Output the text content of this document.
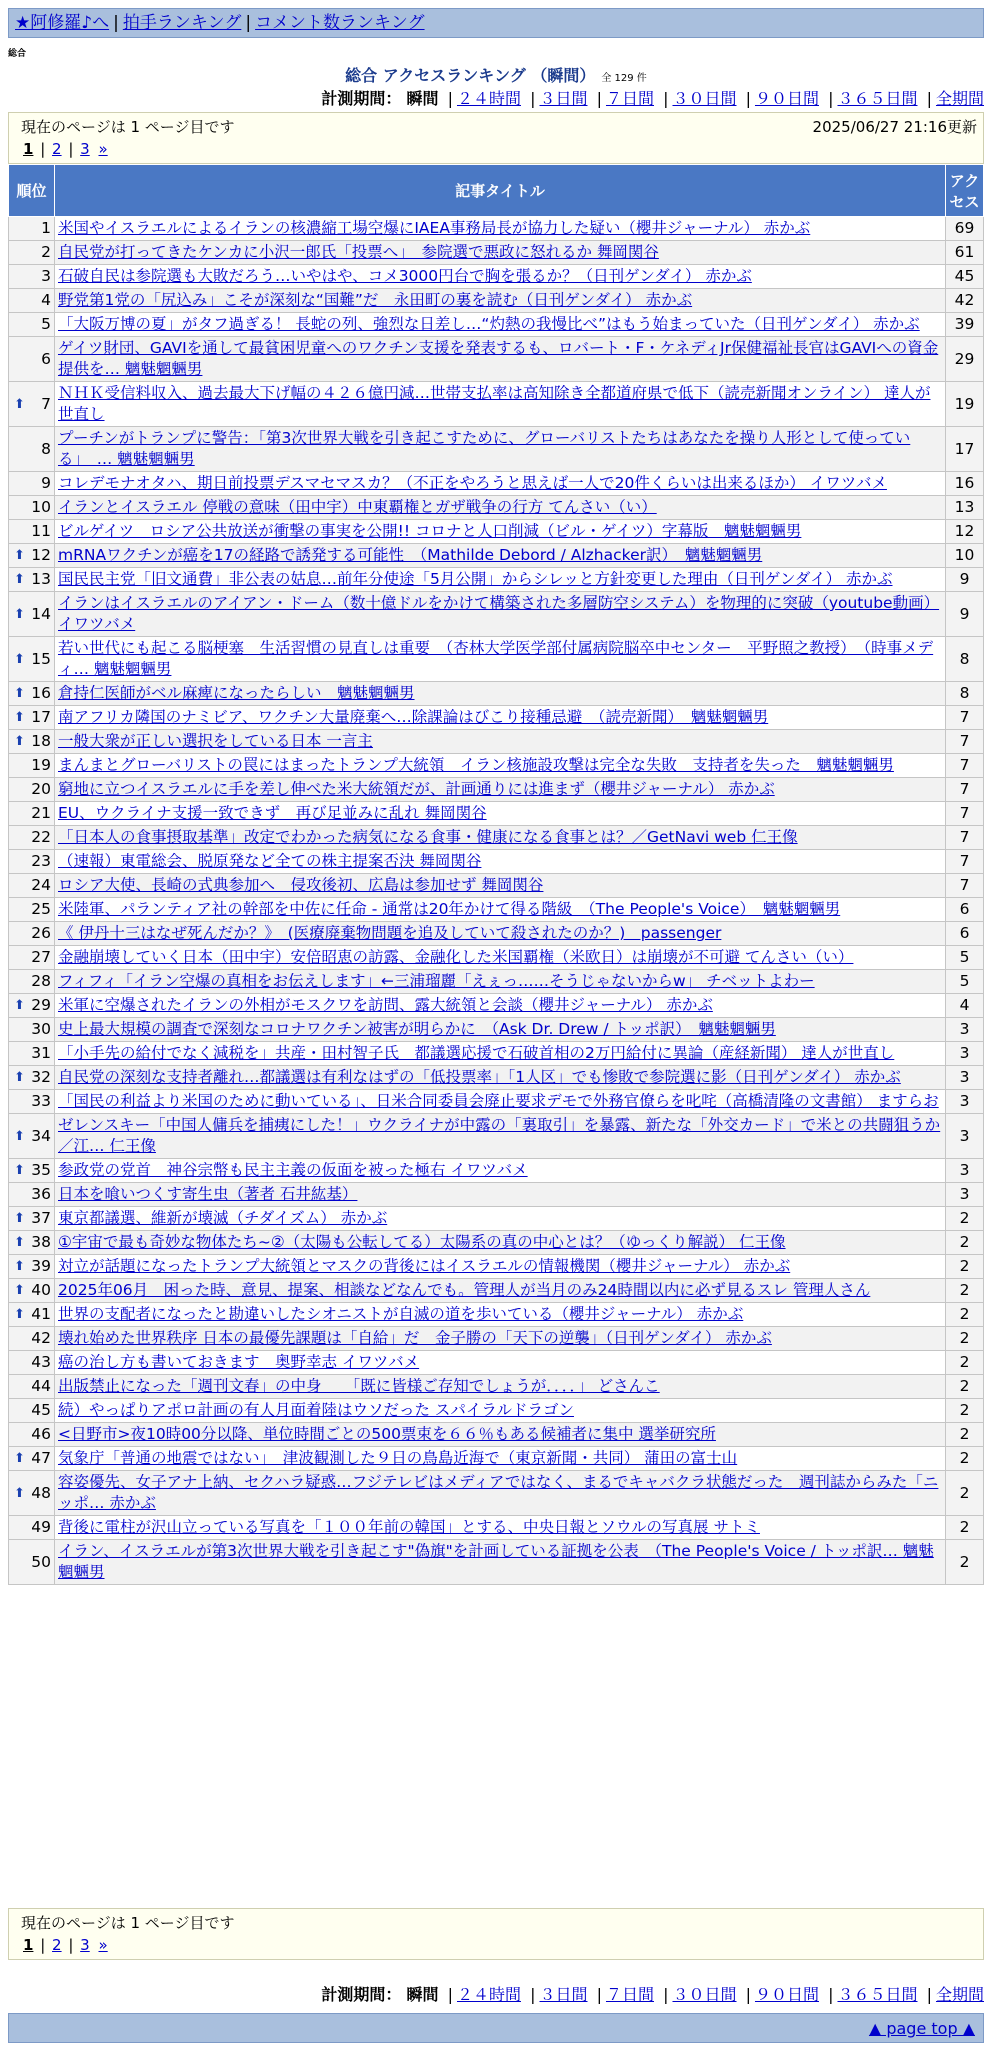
★阿修羅♪へ | 拍手ランキング | コメント数ランキング
総合
総合 アクセスランキング （瞬間） 全 129 件
計測期間： 瞬間 | ２４時間 | ３日間 | ７日間 | ３０日間 | ９０日間 | ３６５日間 | 全期間
現在のページは 1 ページ目です	2025/06/27 21:16更新
1 | 2 | 3 »
順位	記事タイトル	アクセス
1	米国やイスラエルによるイランの核濃縮工場空爆にIAEA事務局長が協力した疑い（櫻井ジャーナル） 赤かぶ	69
2	自民党が打ってきたケンカに小沢一郎氏「投票へ」　参院選で悪政に怒れるか 舞岡関谷	61
3	石破自民は参院選も大敗だろう…いやはや、コメ3000円台で胸を張るか？（日刊ゲンダイ） 赤かぶ	45
4	野党第1党の「尻込み」こそが深刻な“国難”だ　永田町の裏を読む（日刊ゲンダイ） 赤かぶ	42
5	「大阪万博の夏」がタフ過ぎる！ 長蛇の列、強烈な日差し…“灼熱の我慢比べ”はもう始まっていた（日刊ゲンダイ） 赤かぶ	39
6	ゲイツ財団、GAVIを通して最貧困児童へのワクチン支援を発表するも、ロバート・F・ケネディJr保健福祉長官はGAVIへの資金提供を… 魑魅魍魎男	29

⬆ 7	ＮＨＫ受信料収入、過去最大下げ幅の４２６億円減…世帯支払率は高知除き全都道府県で低下（読売新聞オンライン） 達人が世直し	19
8	プーチンがトランプに警告：「第3次世界大戦を引き起こすために、グローバリストたちはあなたを操り人形として使っている」　… 魑魅魍魎男	17
9	コレデモナオタハ、期日前投票デスマセマスカ？（不正をやろうと思えば一人で20件くらいは出来るほか） イワツバメ	16
10	イランとイスラエル 停戦の意味（田中宇）中東覇権とガザ戦争の行方 てんさい（い）	13
11	ビルゲイツ　ロシア公共放送が衝撃の事実を公開!! コロナと人口削減（ビル・ゲイツ）字幕版　魑魅魍魎男	12

⬆ 12	mRNAワクチンが癌を17の経路で誘発する可能性　（Mathilde Debord / Alzhacker訳）　魑魅魍魎男	10

⬆ 13	国民民主党「旧文通費」非公表の姑息…前年分使途「5月公開」からシレッと方針変更した理由（日刊ゲンダイ） 赤かぶ	9

⬆ 14	イランはイスラエルのアイアン・ドーム（数十億ドルをかけて構築された多層防空システム）を物理的に突破（youtube動画） イワツバメ	9

⬆ 15	若い世代にも起こる脳梗塞　生活習慣の見直しは重要　（杏林大学医学部付属病院脳卒中センター　平野照之教授）　（時事メディ… 魑魅魍魎男	8

⬆ 16	倉持仁医師がベル麻痺になったらしい　魑魅魍魎男	8

⬆ 17	南アフリカ隣国のナミビア、ワクチン大量廃棄へ…除課論はびこり接種忌避　（読売新聞）　魑魅魍魎男	7

⬆ 18	一般大衆が正しい選択をしている日本 一言主	7
19	まんまとグローバリストの罠にはまったトランプ大統領　イラン核施設攻撃は完全な失敗　支持者を失った　魑魅魍魎男	7
20	窮地に立つイスラエルに手を差し伸べた米大統領だが、計画通りには進まず（櫻井ジャーナル） 赤かぶ	7
21	EU、ウクライナ支援一致できず　再び足並みに乱れ 舞岡関谷	7
22	「日本人の食事摂取基準」改定でわかった病気になる食事・健康になる食事とは？／GetNavi web 仁王像	7
23	（速報）東電総会、脱原発など全ての株主提案否決 舞岡関谷	7
24	ロシア大使、長崎の式典参加へ　侵攻後初、広島は参加せず 舞岡関谷	7
25	米陸軍、パランティア社の幹部を中佐に任命 - 通常は20年かけて得る階級　（The People's Voice）　魑魅魍魎男	6
26	《 伊丹十三はなぜ死んだか？》　(医療廃棄物問題を追及していて殺されたのか？)　passenger	6
27	金融崩壊していく日本（田中宇）安倍昭恵の訪露、金融化した米国覇権（米欧日）は崩壊が不可避 てんさい（い）	5
28	フィフィ「イラン空爆の真相をお伝えします」←三浦瑠麗「えぇっ……そうじゃないからw」 チベットよわー	5

⬆ 29	米軍に空爆されたイランの外相がモスクワを訪問、露大統領と会談（櫻井ジャーナル） 赤かぶ	4
30	史上最大規模の調査で深刻なコロナワクチン被害が明らかに　（Ask Dr. Drew / トッポ訳）　魑魅魍魎男	3
31	「小手先の給付でなく減税を」共産・田村智子氏　都議選応援で石破首相の2万円給付に異論（産経新聞） 達人が世直し	3

⬆ 32	自民党の深刻な支持者離れ…都議選は有利なはずの「低投票率」「1人区」でも惨敗で参院選に影（日刊ゲンダイ） 赤かぶ	3
33	「国民の利益より米国のために動いている」、日米合同委員会廃止要求デモで外務官僚らを叱咤（高橋清隆の文書館） ますらお	3

⬆ 34	ゼレンスキー「中国人傭兵を捕痍にした！」ウクライナが中露の「裏取引」を暴露、新たな「外交カード」で米との共闘狙うか／江… 仁王像	3

⬆ 35	参政党の党首　神谷宗幣も民主主義の仮面を被った極右 イワツバメ	3
36	日本を喰いつくす寄生虫（著者 石井紘基）	3

⬆ 37	東京都議選、維新が壊滅（チダイズム） 赤かぶ	2

⬆ 38	①宇宙で最も奇妙な物体たち~②（太陽も公転してる）太陽系の真の中心とは？（ゆっくり解説） 仁王像	2

⬆ 39	対立が話題になったトランプ大統領とマスクの背後にはイスラエルの情報機関（櫻井ジャーナル） 赤かぶ	2

⬆ 40	2025年06月　困った時、意見、提案、相談などなんでも。管理人が当月のみ24時間以内に必ず見るスレ 管理人さん	2

⬆ 41	世界の支配者になったと勘違いしたシオニストが自滅の道を歩いている（櫻井ジャーナル） 赤かぶ	2
42	壊れ始めた世界秩序 日本の最優先課題は「自給」だ　金子勝の「天下の逆襲」（日刊ゲンダイ） 赤かぶ	2
43	癌の治し方も書いておきます　奥野幸志 イワツバメ	2
44	出版禁止になった「週刊文春」の中身　　「既に皆様ご存知でしょうが．．．．」 どさんこ	2
45	続）やっぱりアポロ計画の有人月面着陸はウソだった スパイラルドラゴン	2
46	<日野市>夜10時00分以降、単位時間ごとの500票束を６６％もある候補者に集中 選挙研究所	2

⬆ 47	気象庁「普通の地震ではない」　津波観測した９日の鳥島近海で（東京新聞・共同） 蒲田の富士山	2

⬆ 48	容姿優先、女子アナ上納、セクハラ疑惑…フジテレビはメディアではなく、まるでキャバクラ状態だった　週刊誌からみた「ニッポ… 赤かぶ	2
49	背後に電柱が沢山立っている写真を「１００年前の韓国」とする、中央日報とソウルの写真展 サトミ	2
50	イラン、イスラエルが第3次世界大戦を引き起こす"偽旗"を計画している証拠を公表　（The People's Voice / トッポ訳… 魑魅魍魎男	2
現在のページは 1 ページ目です
1 | 2 | 3 »
計測期間： 瞬間 | ２４時間 | ３日間 | ７日間 | ３０日間 | ９０日間 | ３６５日間 | 全期間
▲ page top ▲
